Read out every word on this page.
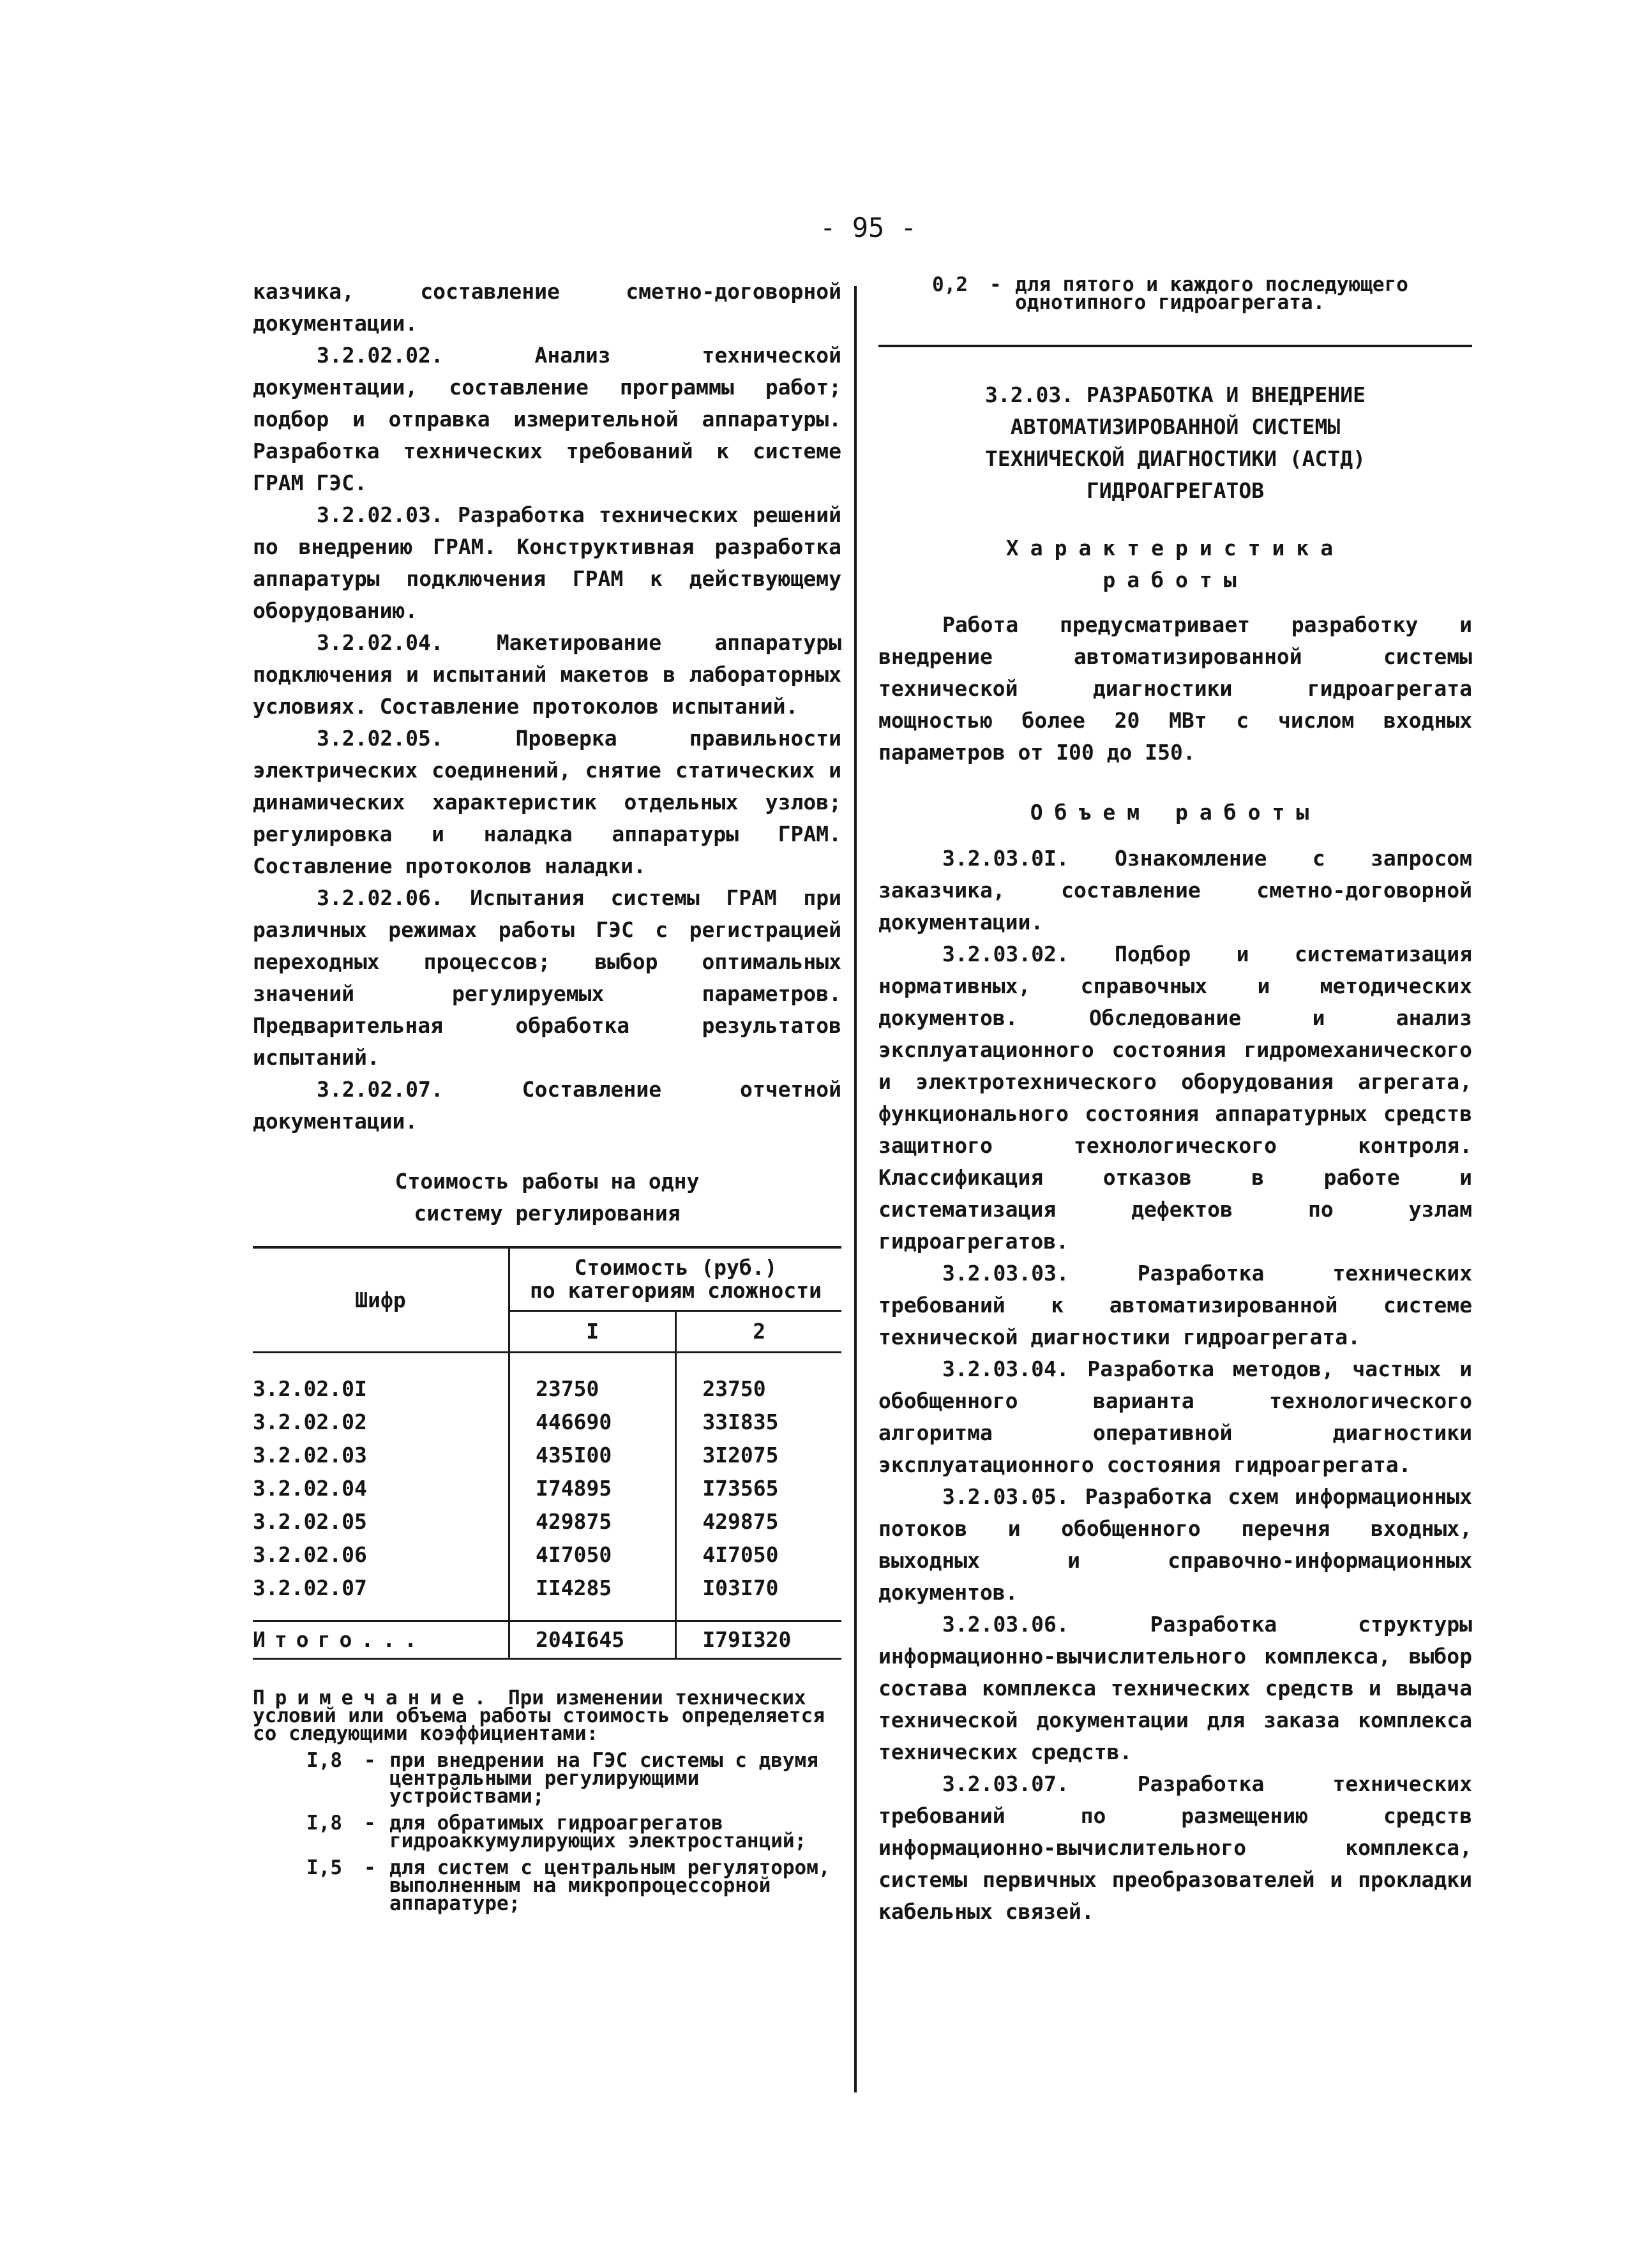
- 95 -

казчика, составление сметно-договорной документации.

3.2.02.02. Анализ технической документации, составление программы работ; подбор и отправка измерительной аппаратуры. Разработка технических требований к системе ГРАМ ГЭС.

3.2.02.03. Разработка технических решений по внедрению ГРАМ. Конструктивная разработка аппаратуры подключения ГРАМ к действующему оборудованию.

3.2.02.04. Макетирование аппаратуры подключения и испытаний макетов в лабораторных условиях. Составление протоколов испытаний.

3.2.02.05. Проверка правильности электрических соединений, снятие статических и динамических характеристик отдельных узлов; регулировка и наладка аппаратуры ГРАМ. Составление протоколов наладки.

3.2.02.06. Испытания системы ГРАМ при различных режимах работы ГЭС с регистрацией переходных процессов; выбор оптимальных значений регулируемых параметров. Предварительная обработка результатов испытаний.

3.2.02.07. Составление отчетной документации.

Стоимость работы на одну

систему регулирования

Шифр	Стоимость (руб.)
по категориям сложности	

	I	2
3.2.02.0I	23750	23750
3.2.02.02	446690	33I835
3.2.02.03	435I00	3I2075
3.2.02.04	I74895	I73565
3.2.02.05	429875	429875
3.2.02.06	4I7050	4I7050
3.2.02.07	II4285	I03I70
Итого...	204I645	I79I320
Примечание. При изменении технических условий или объема работы стоимость определяется со следующими коэффициентами:
I,8	- при внедрении на ГЭС системы с двумя центральными регулирующими устройствами;
I,8	- для обратимых гидроагрегатов гидроаккумулирующих электростанций;
I,5	- для систем с центральным регулятором, выполненным на микропроцессорной аппаратуре;
0,2	- для пятого и каждого последующего однотипного гидроагрегата.
3.2.03. РАЗРАБОТКА И ВНЕДРЕНИЕ
АВТОМАТИЗИРОВАННОЙ СИСТЕМЫ
ТЕХНИЧЕСКОЙ ДИАГНОСТИКИ (АСТД)
ГИДРОАГРЕГАТОВ
Характеристика
работы

Работа предусматривает разработку и внедрение автоматизированной системы технической диагностики гидроагрегата мощностью более 20 МВт с числом входных параметров от I00 до I50.

Объем работы

3.2.03.0I. Ознакомление с запросом заказчика, составление сметно-договорной документации.

3.2.03.02. Подбор и систематизация нормативных, справочных и методических документов. Обследование и анализ эксплуатационного состояния гидромеханического и электротехнического оборудования агрегата, функционального состояния аппаратурных средств защитного технологического контроля. Классификация отказов в работе и систематизация дефектов по узлам гидроагрегатов.

3.2.03.03. Разработка технических требований к автоматизированной системе технической диагностики гидроагрегата.

3.2.03.04. Разработка методов, частных и обобщенного варианта технологического алгоритма оперативной диагностики эксплуатационного состояния гидроагрегата.

3.2.03.05. Разработка схем информационных потоков и обобщенного перечня входных, выходных и справочно-информационных документов.

3.2.03.06. Разработка структуры информационно-вычислительного комплекса, выбор состава комплекса технических средств и выдача технической документации для заказа комплекса технических средств.

3.2.03.07. Разработка технических требований по размещению средств информационно-вычислительного комплекса, системы первичных преобразователей и прокладки кабельных связей.
